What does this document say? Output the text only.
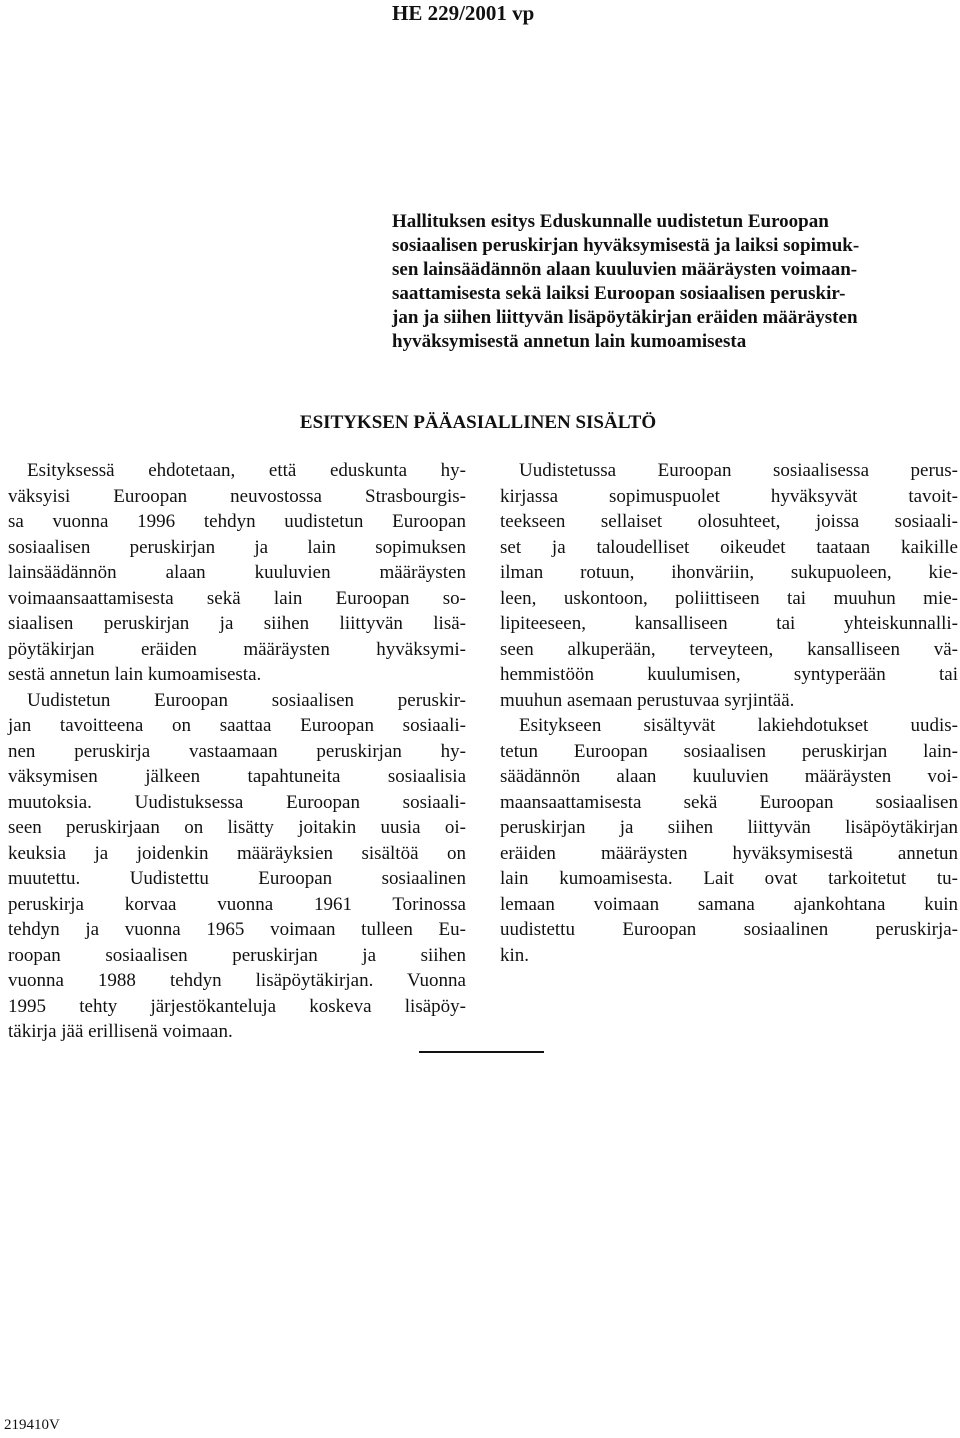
HE 229/2001 vp
Hallituksen esitys Eduskunnalle uudistetun Euroopan
sosiaalisen peruskirjan hyväksymisestä ja laiksi sopimuk-
sen lainsäädännön alaan kuuluvien määräysten voimaan-
saattamisesta sekä laiksi Euroopan sosiaalisen peruskir-
jan ja siihen liittyvän lisäpöytäkirjan eräiden määräysten
hyväksymisestä annetun lain kumoamisesta
ESITYKSEN PÄÄASIALLINEN SISÄLTÖ
Esityksessä ehdotetaan, että eduskunta hy-
väksyisi Euroopan neuvostossa Strasbourgis-
sa vuonna 1996 tehdyn uudistetun Euroopan
sosiaalisen peruskirjan ja lain sopimuksen
lainsäädännön alaan kuuluvien määräysten
voimaansaattamisesta sekä lain Euroopan so-
siaalisen peruskirjan ja siihen liittyvän lisä-
pöytäkirjan eräiden määräysten hyväksymi-
sestä annetun lain kumoamisesta.
Uudistetun Euroopan sosiaalisen peruskir-
jan tavoitteena on saattaa Euroopan sosiaali-
nen peruskirja vastaamaan peruskirjan hy-
väksymisen jälkeen tapahtuneita sosiaalisia
muutoksia. Uudistuksessa Euroopan sosiaali-
seen peruskirjaan on lisätty joitakin uusia oi-
keuksia ja joidenkin määräyksien sisältöä on
muutettu. Uudistettu Euroopan sosiaalinen
peruskirja korvaa vuonna 1961 Torinossa
tehdyn ja vuonna 1965 voimaan tulleen Eu-
roopan sosiaalisen peruskirjan ja siihen
vuonna 1988 tehdyn lisäpöytäkirjan. Vuonna
1995 tehty järjestökanteluja koskeva lisäpöy-
täkirja jää erillisenä voimaan.
Uudistetussa Euroopan sosiaalisessa perus-
kirjassa sopimuspuolet hyväksyvät tavoit-
teekseen sellaiset olosuhteet, joissa sosiaali-
set ja taloudelliset oikeudet taataan kaikille
ilman rotuun, ihonväriin, sukupuoleen, kie-
leen, uskontoon, poliittiseen tai muuhun mie-
lipiteeseen, kansalliseen tai yhteiskunnalli-
seen alkuperään, terveyteen, kansalliseen vä-
hemmistöön kuulumisen, syntyperään tai
muuhun asemaan perustuvaa syrjintää.
Esitykseen sisältyvät lakiehdotukset uudis-
tetun Euroopan sosiaalisen peruskirjan lain-
säädännön alaan kuuluvien määräysten voi-
maansaattamisesta sekä Euroopan sosiaalisen
peruskirjan ja siihen liittyvän lisäpöytäkirjan
eräiden määräysten hyväksymisestä annetun
lain kumoamisesta. Lait ovat tarkoitetut tu-
lemaan voimaan samana ajankohtana kuin
uudistettu Euroopan sosiaalinen peruskirja-
kin.
219410V
